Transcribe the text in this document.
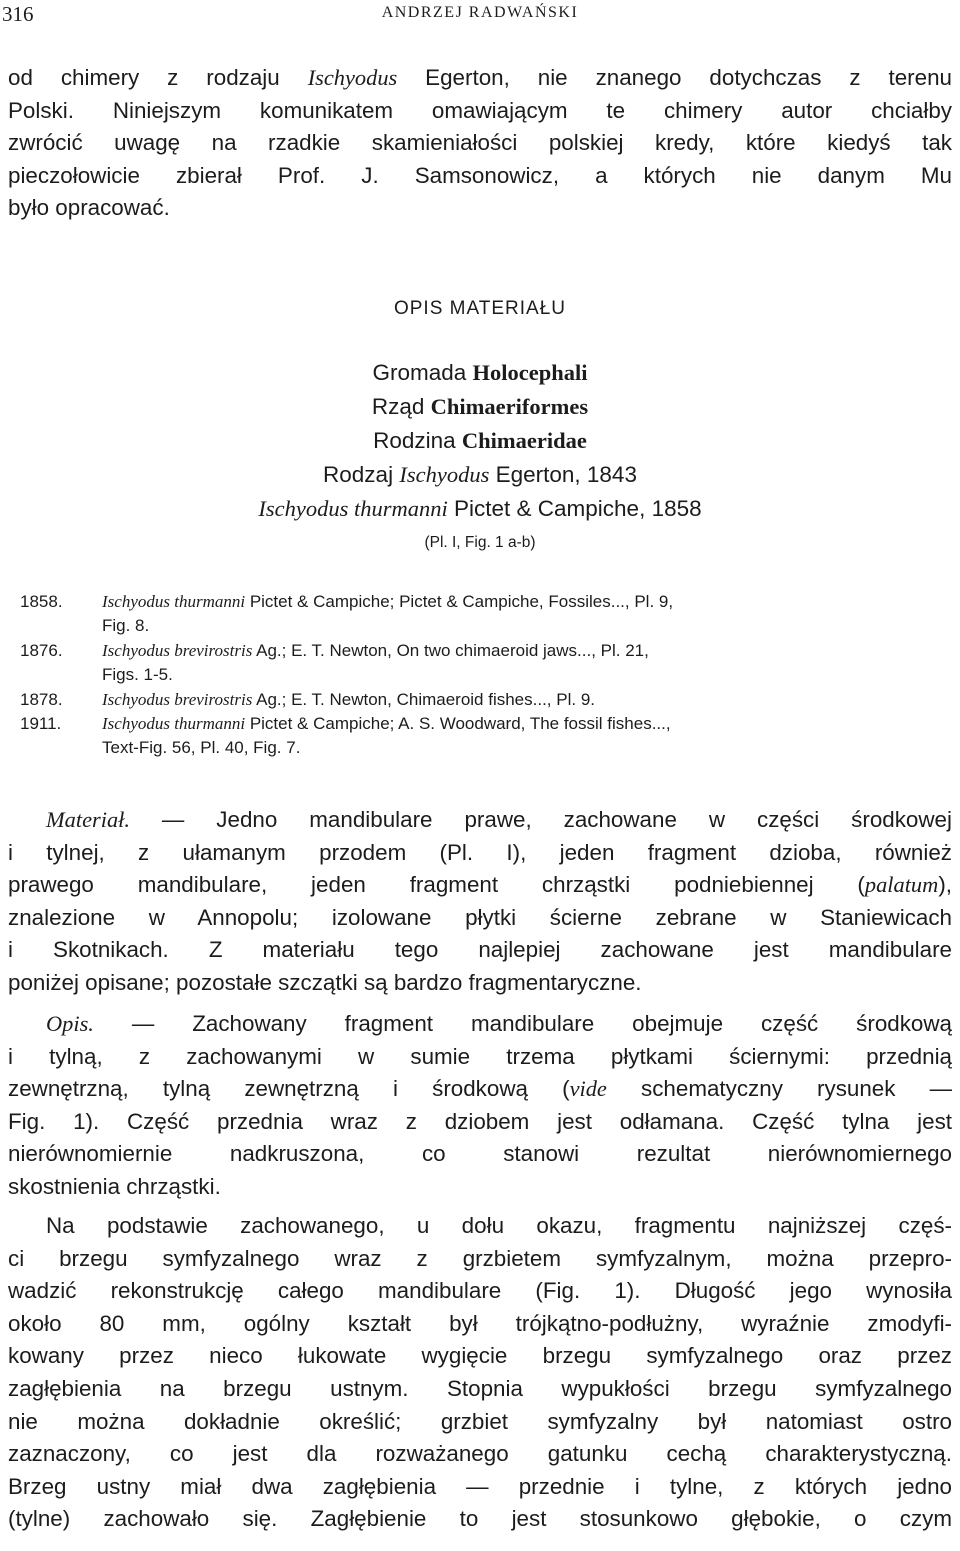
316	ANDRZEJ RADWAŃSKI
od chimery z rodzaju Ischyodus Egerton, nie znanego dotychczas z terenu
Polski. Niniejszym komunikatem omawiającym te chimery autor chciałby
zwrócić uwagę na rzadkie skamieniałości polskiej kredy, które kiedyś tak
pieczołowicie zbierał Prof. J. Samsonowicz, a których nie danym Mu
było opracować.
OPIS MATERIAŁU
Gromada Holocephali
Rząd Chimaeriformes
Rodzina Chimaeridae
Rodzaj Ischyodus Egerton, 1843
Ischyodus thurmanni Pictet & Campiche, 1858
(Pl. I, Fig. 1 a-b)
1858. Ischyodus thurmanni Pictet & Campiche; Pictet & Campiche, Fossiles..., Pl. 9,
Fig. 8.
1876. Ischyodus brevirostris Ag.; E. T. Newton, On two chimaeroid jaws..., Pl. 21,
Figs. 1-5.
1878. Ischyodus brevirostris Ag.; E. T. Newton, Chimaeroid fishes..., Pl. 9.
1911. Ischyodus thurmanni Pictet & Campiche; A. S. Woodward, The fossil fishes...,
Text-Fig. 56, Pl. 40, Fig. 7.
Materiał. — Jedno mandibulare prawe, zachowane w części środkowej
i tylnej, z ułamanym przodem (Pl. I), jeden fragment dzioba, również
prawego mandibulare, jeden fragment chrząstki podniebiennej (palatum),
znalezione w Annopolu; izolowane płytki ścierne zebrane w Staniewicach
i Skotnikach. Z materiału tego najlepiej zachowane jest mandibulare
poniżej opisane; pozostałe szczątki są bardzo fragmentaryczne.
Opis. — Zachowany fragment mandibulare obejmuje część środkową
i tylną, z zachowanymi w sumie trzema płytkami ściernymi: przednią
zewnętrzną, tylną zewnętrzną i środkową (vide schematyczny rysunek —
Fig. 1). Część przednia wraz z dziobem jest odłamana. Część tylna jest
nierównomiernie nadkruszona, co stanowi rezultat nierównomiernego
skostnienia chrząstki.
Na podstawie zachowanego, u dołu okazu, fragmentu najniższej częś-
ci brzegu symfyzalnego wraz z grzbietem symfyzalnym, można przepro-
wadzić rekonstrukcję całego mandibulare (Fig. 1). Długość jego wynosiła
około 80 mm, ogólny kształt był trójkątno-podłużny, wyraźnie zmodyfi-
kowany przez nieco łukowate wygięcie brzegu symfyzalnego oraz przez
zagłębienia na brzegu ustnym. Stopnia wypukłości brzegu symfyzalnego
nie można dokładnie określić; grzbiet symfyzalny był natomiast ostro
zaznaczony, co jest dla rozważanego gatunku cechą charakterystyczną.
Brzeg ustny miał dwa zagłębienia — przednie i tylne, z których jedno
(tylne) zachowało się. Zagłębienie to jest stosunkowo głębokie, o czym
